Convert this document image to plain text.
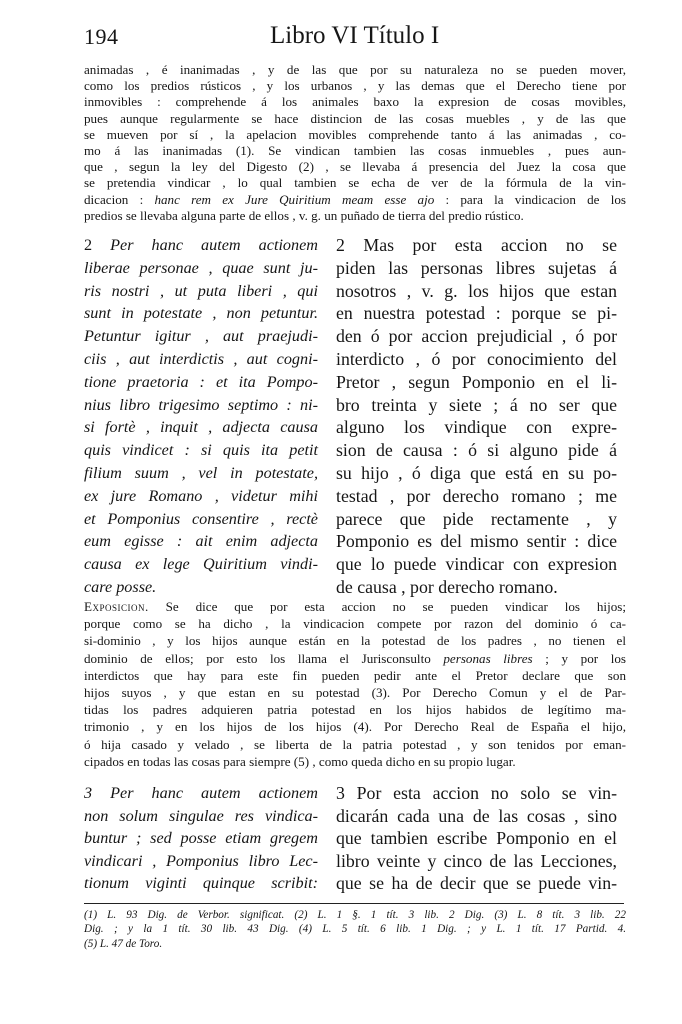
194	Libro VI Título I
animadas , é inanimadas , y de las que por su naturaleza no se pueden mover,
como los predios rústicos , y los urbanos , y las demas que el Derecho tiene por
inmovibles : comprehende á los animales baxo la expresion de cosas movibles,
pues aunque regularmente se hace distincion de las cosas muebles , y de las que
se mueven por sí , la apelacion movibles comprehende tanto á las animadas , co-
mo á las inanimadas (1). Se vindican tambien las cosas inmuebles , pues aun-
que , segun la ley del Digesto (2) , se llevaba á presencia del Juez la cosa que
se pretendia vindicar , lo qual tambien se echa de ver de la fórmula de la vin-
dicacion : hanc rem ex Jure Quiritium meam esse ajo : para la vindicacion de los
predios se llevaba alguna parte de ellos , v. g. un puñado de tierra del predio rústico.
2 Per hanc autem actionem
liberae personae , quae sunt ju-
ris nostri , ut puta liberi , qui
sunt in potestate , non petuntur.
Petuntur igitur , aut praejudi-
ciis , aut interdictis , aut cogni-
tione praetoria : et ita Pompo-
nius libro trigesimo septimo : ni-
si fortè , inquit , adjecta causa
quis vindicet : si quis ita petit
filium suum , vel in potestate,
ex jure Romano , videtur mihi
et Pomponius consentire , rectè
eum egisse : ait enim adjecta
causa ex lege Quiritium vindi-
care posse.
2 Mas por esta accion no se
piden las personas libres sujetas á
nosotros , v. g. los hijos que estan
en nuestra potestad : porque se pi-
den ó por accion prejudicial , ó por
interdicto , ó por conocimiento del
Pretor , segun Pomponio en el li-
bro treinta y siete ; á no ser que
alguno los vindique con expre-
sion de causa : ó si alguno pide á
su hijo , ó diga que está en su po-
testad , por derecho romano ; me
parece que pide rectamente , y
Pomponio es del mismo sentir : dice
que lo puede vindicar con expresion
de causa , por derecho romano.
Exposicion. Se dice que por esta accion no se pueden vindicar los hijos;
porque como se ha dicho , la vindicacion compete por razon del dominio ó ca-
si-dominio , y los hijos aunque están en la potestad de los padres , no tienen el
dominio de ellos; por esto los llama el Jurisconsulto personas libres ; y por los
interdictos que hay para este fin pueden pedir ante el Pretor declare que son
hijos suyos , y que estan en su potestad (3). Por Derecho Comun y el de Par-
tidas los padres adquieren patria potestad en los hijos habidos de legítimo ma-
trimonio , y en los hijos de los hijos (4). Por Derecho Real de España el hijo,
ó hija casado y velado , se liberta de la patria potestad , y son tenidos por eman-
cipados en todas las cosas para siempre (5) , como queda dicho en su propio lugar.
3 Per hanc autem actionem
non solum singulae res vindica-
buntur ; sed posse etiam gregem
vindicari , Pomponius libro Lec-
tionum viginti quinque scribit:
3 Por esta accion no solo se vin-
dicarán cada una de las cosas , sino
que tambien escribe Pomponio en el
libro veinte y cinco de las Lecciones,
que se ha de decir que se puede vin-
(1) L. 93 Dig. de Verbor. significat. (2) L. 1 §. 1 tít. 3 lib. 2 Dig. (3) L. 8 tít. 3 lib. 22
Dig. ; y la 1 tít. 30 lib. 43 Dig. (4) L. 5 tít. 6 lib. 1 Dig. ; y L. 1 tít. 17 Partid. 4.
(5) L. 47 de Toro.
